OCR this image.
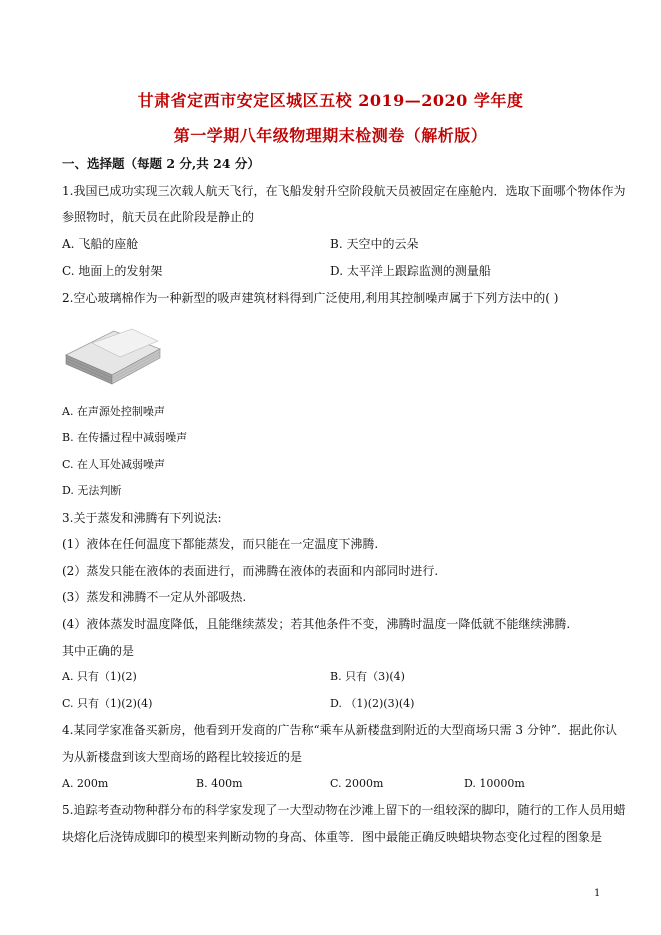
甘肃省定西市安定区城区五校 2019—2020 学年度
第一学期八年级物理期末检测卷（解析版）
一、选择题（每题 2 分,共 24 分）
1.我国已成功实现三次载人航天飞行，在飞船发射升空阶段航天员被固定在座舱内．选取下面哪个物体作为
参照物时，航天员在此阶段是静止的
A. 飞船的座舱	B. 天空中的云朵
C. 地面上的发射架	D. 太平洋上跟踪监测的测量船
2.空心玻璃棉作为一种新型的吸声建筑材料得到广泛使用,利用其控制噪声属于下列方法中的( )
A. 在声源处控制噪声
B. 在传播过程中减弱噪声
C. 在人耳处减弱噪声
D. 无法判断
3.关于蒸发和沸腾有下列说法:
(1）液体在任何温度下都能蒸发，而只能在一定温度下沸腾.
(2）蒸发只能在液体的表面进行，而沸腾在液体的表面和内部同时进行.
(3）蒸发和沸腾不一定从外部吸热.
(4）液体蒸发时温度降低，且能继续蒸发；若其他条件不变，沸腾时温度一降低就不能继续沸腾.
其中正确的是
A. 只有（1)(2)	B. 只有（3)(4)
C. 只有（1)(2)(4)	D. （1)(2)(3)(4)
4.某同学家准备买新房，他看到开发商的广告称“乘车从新楼盘到附近的大型商场只需 3 分钟”．据此你认
为从新楼盘到该大型商场的路程比较接近的是
A. 200m	B. 400m	C. 2000m	D. 10000m
5.追踪考查动物种群分布的科学家发现了一大型动物在沙滩上留下的一组较深的脚印，随行的工作人员用蜡
块熔化后浇铸成脚印的模型来判断动物的身高、体重等．图中最能正确反映蜡块物态变化过程的图象是
1
